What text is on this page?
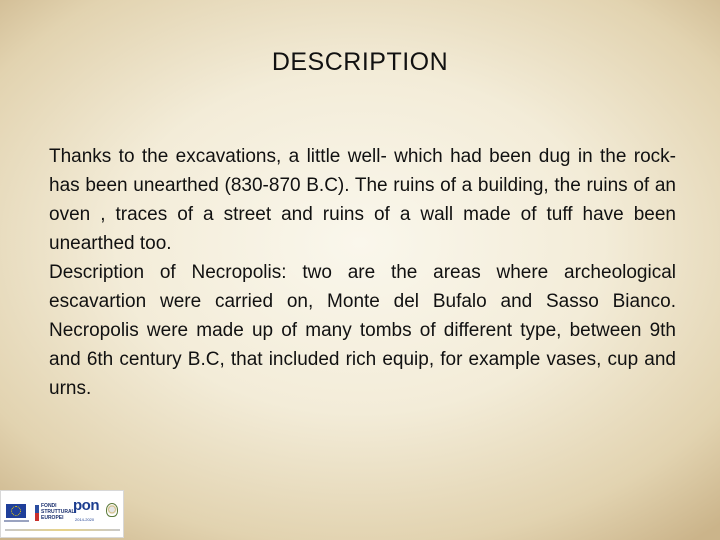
DESCRIPTION

Thanks to the excavations, a little well- which had been dug in the rock- has been unearthed (830-870 B.C). The ruins of a building, the ruins of an oven , traces of a street and ruins of a wall made of tuff have been unearthed too.

Description of Necropolis: two are the areas where archeological escavartion were carried on, Monte del Bufalo and Sasso Bianco. Necropolis were made up of many tombs of different type, between 9th and 6th century B.C, that included rich equip, for example vases, cup and urns.

FONDI
STRUTTURALI
EUROPEI
pon
2014-2020
